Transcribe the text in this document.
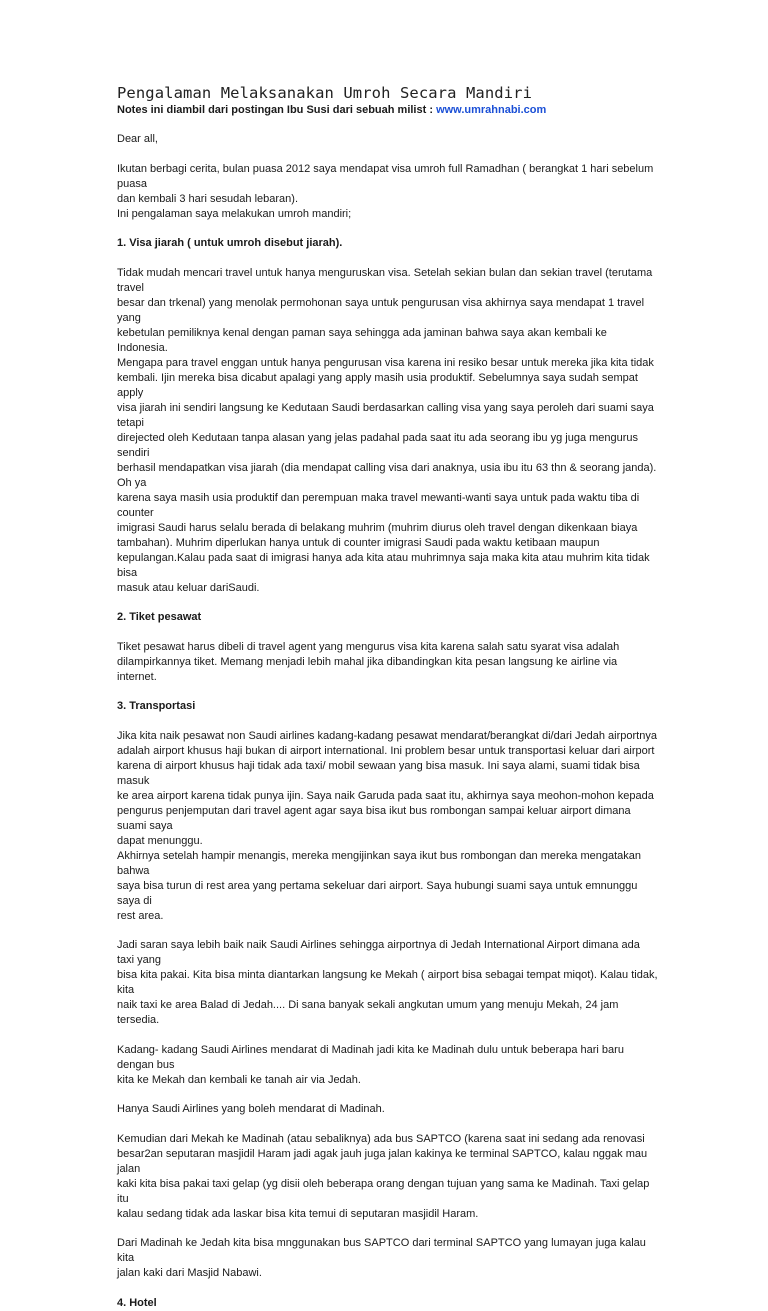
Pengalaman Melaksanakan Umroh Secara Mandiri
Notes ini diambil dari postingan Ibu Susi dari sebuah milist : www.umrahnabi.com

Dear all,

Ikutan berbagi cerita, bulan puasa 2012 saya mendapat visa umroh full Ramadhan ( berangkat 1 hari sebelum puasa
dan kembali 3 hari sesudah lebaran).
Ini pengalaman saya melakukan umroh mandiri;

1. Visa jiarah ( untuk umroh disebut jiarah).

Tidak mudah mencari travel untuk hanya menguruskan visa. Setelah sekian bulan dan sekian travel (terutama travel
besar dan trkenal) yang menolak permohonan saya untuk pengurusan visa akhirnya saya mendapat 1 travel yang
kebetulan pemiliknya kenal dengan paman saya sehingga ada jaminan bahwa saya akan kembali ke Indonesia.
Mengapa para travel enggan untuk hanya pengurusan visa karena ini resiko besar untuk mereka jika kita tidak
kembali. Ijin mereka bisa dicabut apalagi yang apply masih usia produktif. Sebelumnya saya sudah sempat apply
visa jiarah ini sendiri langsung ke Kedutaan Saudi berdasarkan calling visa yang saya peroleh dari suami saya tetapi
direjected oleh Kedutaan tanpa alasan yang jelas padahal pada saat itu ada seorang ibu yg juga mengurus sendiri
berhasil mendapatkan visa jiarah (dia mendapat calling visa dari anaknya, usia ibu itu 63 thn & seorang janda). Oh ya
karena saya masih usia produktif dan perempuan maka travel mewanti-wanti saya untuk pada waktu tiba di counter
imigrasi Saudi harus selalu berada di belakang muhrim (muhrim diurus oleh travel dengan dikenkaan biaya
tambahan). Muhrim diperlukan hanya untuk di counter imigrasi Saudi pada waktu ketibaan maupun
kepulangan.Kalau pada saat di imigrasi hanya ada kita atau muhrimnya saja maka kita atau muhrim kita tidak bisa
masuk atau keluar dariSaudi.

2. Tiket pesawat

Tiket pesawat harus dibeli di travel agent yang mengurus visa kita karena salah satu syarat visa adalah
dilampirkannya tiket. Memang menjadi lebih mahal jika dibandingkan kita pesan langsung ke airline via internet.

3. Transportasi

Jika kita naik pesawat non Saudi airlines kadang-kadang pesawat mendarat/berangkat di/dari Jedah airportnya
adalah airport khusus haji bukan di airport international. Ini problem besar untuk transportasi keluar dari airport
karena di airport khusus haji tidak ada taxi/ mobil sewaan yang bisa masuk. Ini saya alami, suami tidak bisa masuk
ke area airport karena tidak punya ijin. Saya naik Garuda pada saat itu, akhirnya saya meohon-mohon kepada
pengurus penjemputan dari travel agent agar saya bisa ikut bus rombongan sampai keluar airport dimana suami saya
dapat menunggu.
Akhirnya setelah hampir menangis, mereka mengijinkan saya ikut bus rombongan dan mereka mengatakan bahwa
saya bisa turun di rest area yang pertama sekeluar dari airport. Saya hubungi suami saya untuk emnunggu saya di
rest area.

Jadi saran saya lebih baik naik Saudi Airlines sehingga airportnya di Jedah International Airport dimana ada taxi yang
bisa kita pakai. Kita bisa minta diantarkan langsung ke Mekah ( airport bisa sebagai tempat miqot). Kalau tidak, kita
naik taxi ke area Balad di Jedah.... Di sana banyak sekali angkutan umum yang menuju Mekah, 24 jam tersedia.

Kadang- kadang Saudi Airlines mendarat di Madinah jadi kita ke Madinah dulu untuk beberapa hari baru dengan bus
kita ke Mekah dan kembali ke tanah air via Jedah.

Hanya Saudi Airlines yang boleh mendarat di Madinah.

Kemudian dari Mekah ke Madinah (atau sebaliknya) ada bus SAPTCO (karena saat ini sedang ada renovasi
besar2an seputaran masjidil Haram jadi agak jauh juga jalan kakinya ke terminal SAPTCO, kalau nggak mau jalan
kaki kita bisa pakai taxi gelap (yg disii oleh beberapa orang dengan tujuan yang sama ke Madinah. Taxi gelap itu
kalau sedang tidak ada laskar bisa kita temui di seputaran masjidil Haram.

Dari Madinah ke Jedah kita bisa mnggunakan bus SAPTCO dari terminal SAPTCO yang lumayan juga kalau kita
jalan kaki dari Masjid Nabawi.

4. Hotel
